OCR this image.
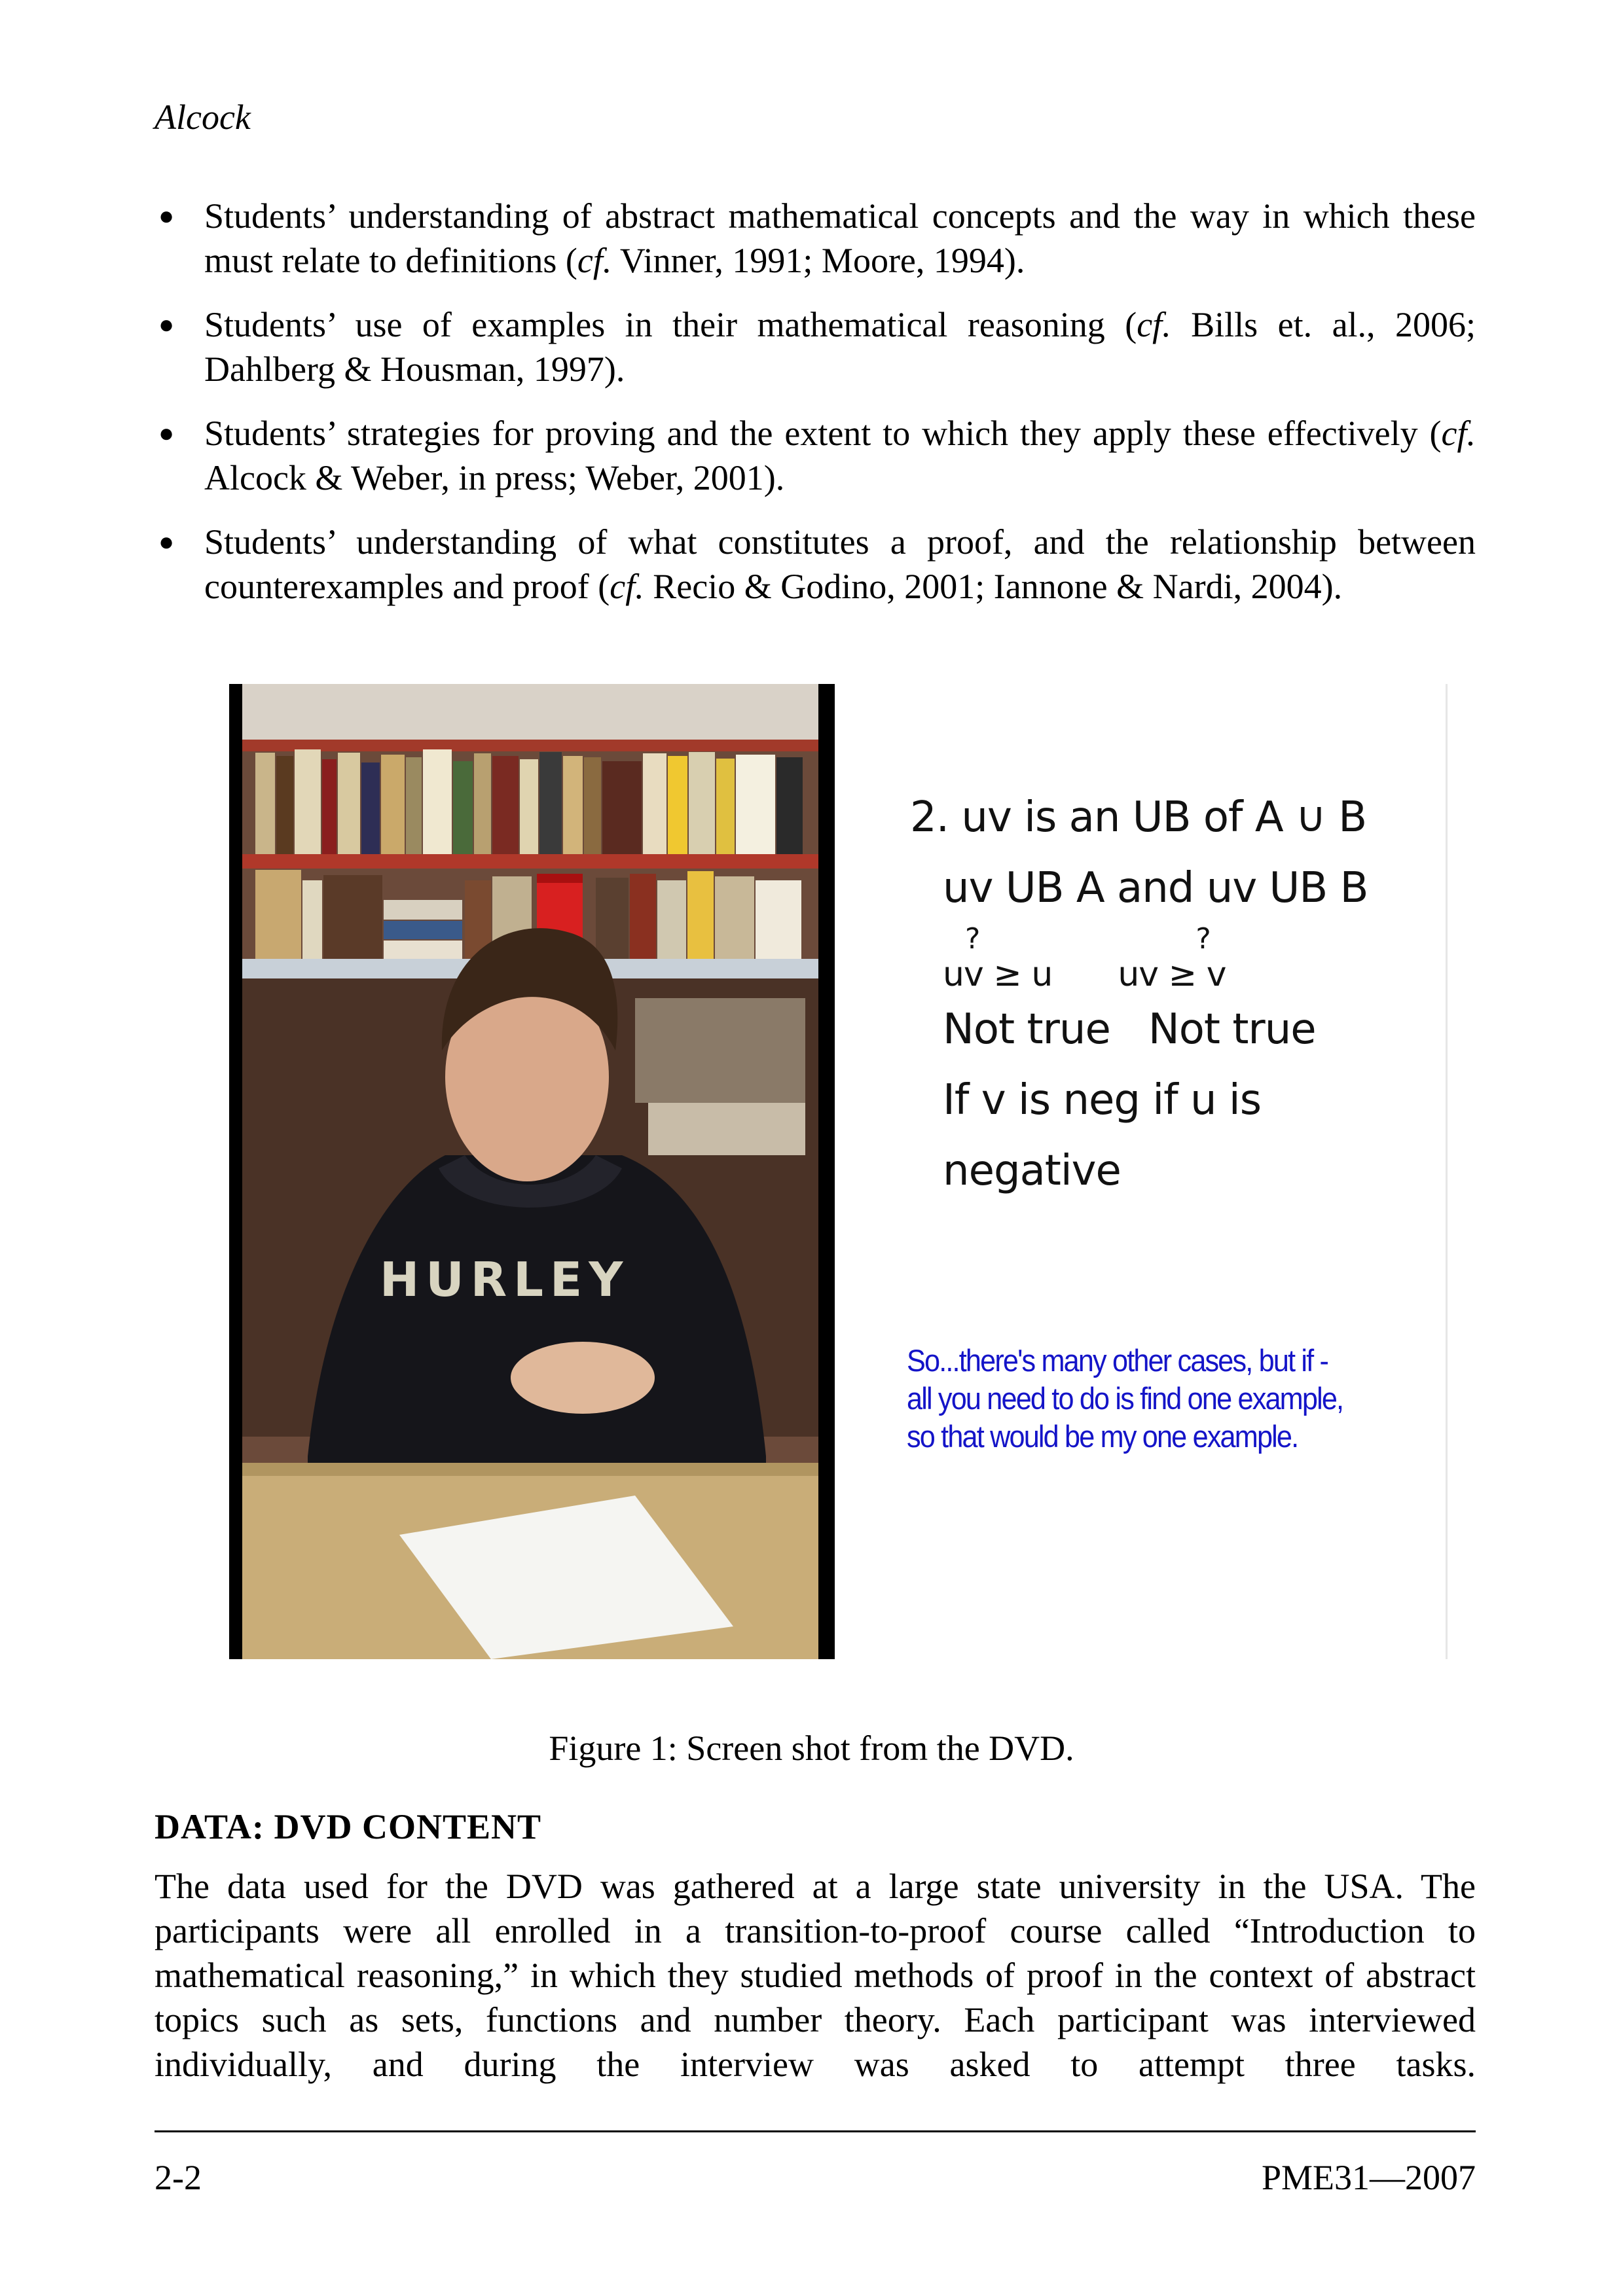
Alcock
● Students’ understanding of abstract mathematical concepts and the way in which these must relate to definitions (cf. Vinner, 1991; Moore, 1994).
● Students’ use of examples in their mathematical reasoning (cf. Bills et. al., 2006; Dahlberg & Housman, 1997).
● Students’ strategies for proving and the extent to which they apply these effectively (cf. Alcock & Weber, in press; Weber, 2001).
● Students’ understanding of what constitutes a proof, and the relationship between counterexamples and proof (cf. Recio & Godino, 2001; Iannone & Nardi, 2004).
HURLEY
2. uv is an UB of A ∪ B
uv UB A and uv UB B
?	?
uv ≥ u uv ≥ v
Not true   Not true
If v is neg if u is negative
So...there's many other cases, but if - all you need to do is find one example, so that would be my one example.
Figure 1: Screen shot from the DVD.
DATA: DVD CONTENT
The data used for the DVD was gathered at a large state university in the USA. The participants were all enrolled in a transition-to-proof course called “Introduction to mathematical reasoning,” in which they studied methods of proof in the context of abstract topics such as sets, functions and number theory. Each participant was interviewed individually, and during the interview was asked to attempt three tasks.
2-2	PME31—2007
